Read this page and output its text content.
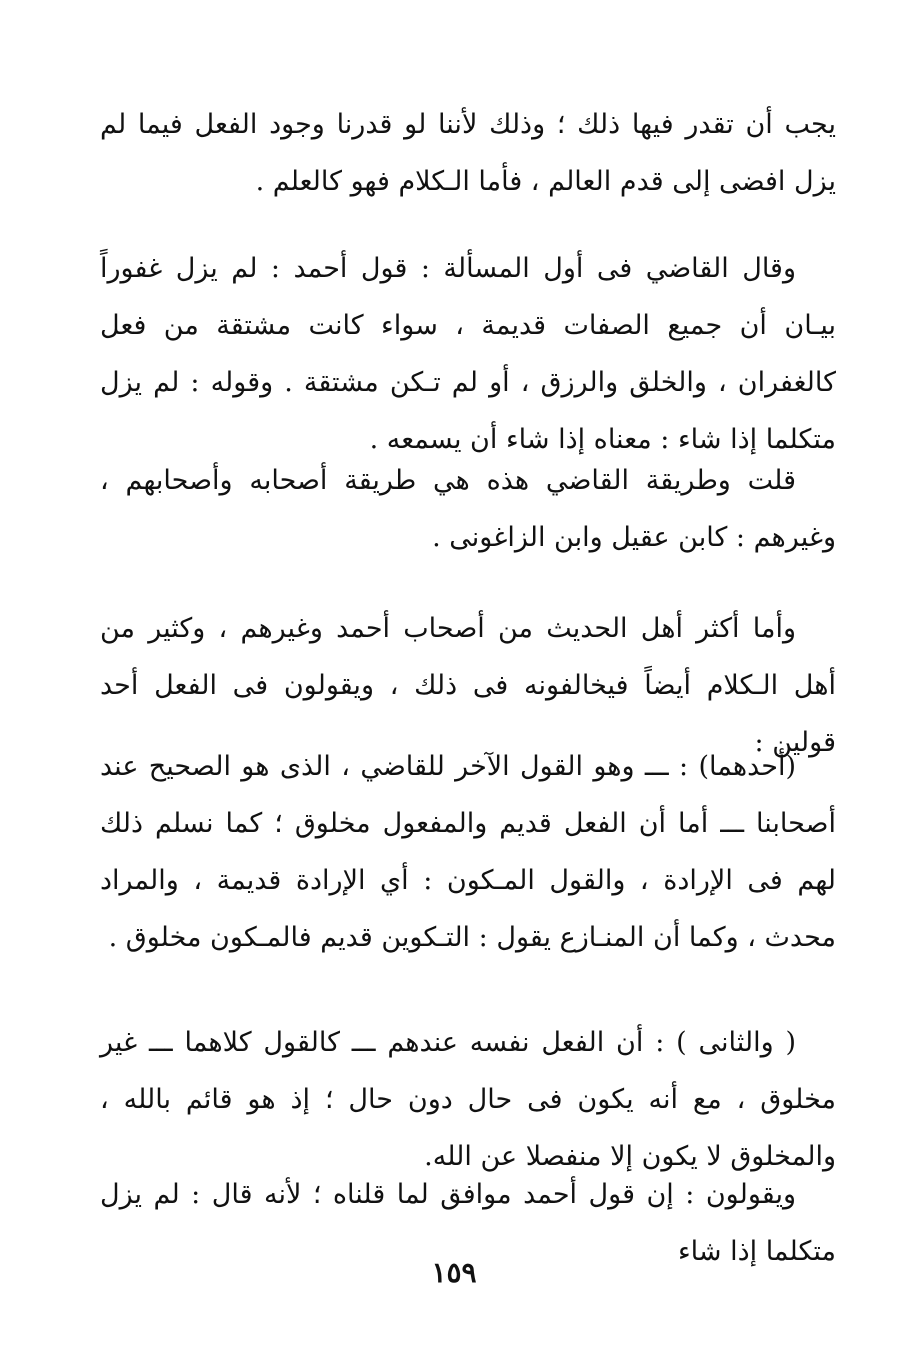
يجب أن تقدر فيها ذلك ؛ وذلك لأننا لو قدرنا وجود الفعل فيما لم يزل افضى إلى قدم العالم ، فأما الـكلام فهو كالعلم .

وقال القاضي فى أول المسألة : قول أحمد : لم يزل غفوراً بيـان أن جميع الصفات قديمة ، سواء كانت مشتقة من فعل كالغفران ، والخلق والرزق ، أو لم تـكن مشتقة . وقوله : لم يزل متكلما إذا شاء : معناه إذا شاء أن يسمعه .

قلت وطريقة القاضي هذه هي طريقة أصحابه وأصحابهم ، وغيرهم : كابن عقيل وابن الزاغونى .

وأما أكثر أهل الحديث من أصحاب أحمد وغيرهم ، وكثير من أهل الـكلام أيضاً فيخالفونه فى ذلك ، ويقولون فى الفعل أحد قولين :

(أحدهما) : ـــ وهو القول الآخر للقاضي ، الذى هو الصحيح عند أصحابنا ـــ أما أن الفعل قديم والمفعول مخلوق ؛ كما نسلم ذلك لهم فى الإرادة ، والقول المـكون : أي الإرادة قديمة ، والمراد محدث ، وكما أن المنـازع يقول : التـكوين قديم فالمـكون مخلوق .

( والثانى ) : أن الفعل نفسه عندهم ـــ كالقول كلاهما ـــ غير مخلوق ، مع أنه يكون فى حال دون حال ؛ إذ هو قائم بالله ، والمخلوق لا يكون إلا منفصلا عن الله.

ويقولون : إن قول أحمد موافق لما قلناه ؛ لأنه قال : لم يزل متكلما إذا شاء

١٥٩
